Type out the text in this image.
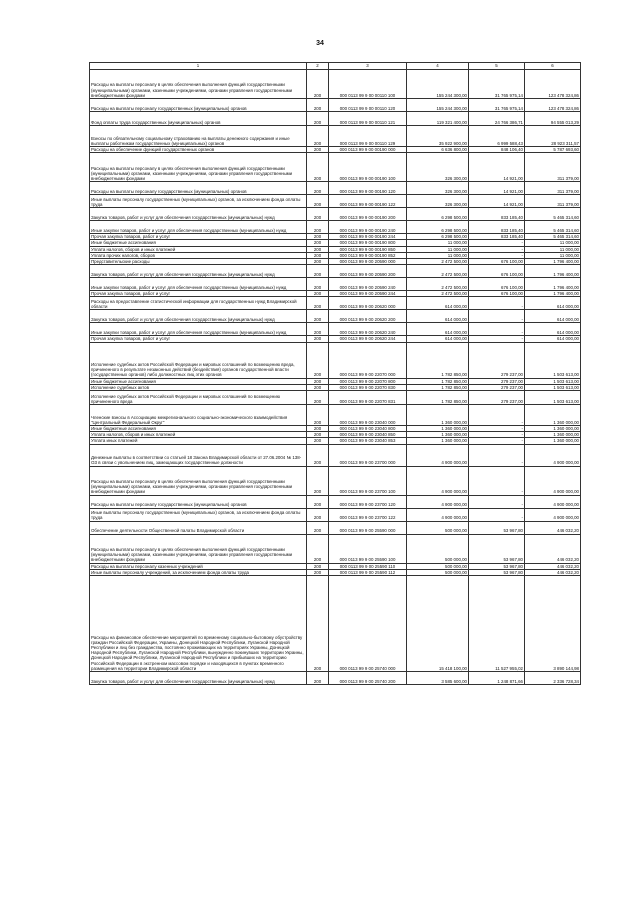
34
1	2	3	4	5	6
Расходы на выплаты персоналу в целях обеспечения выполнения функций государственными (муниципальными) органами, казенными учреждениями, органами управления государственными внебюджетными фондами	200	000 0113 99 9 00 00110 100	155 244 300,00	31 765 975,14	123 478 324,86
Расходы на выплаты персоналу государственных (муниципальных) органов	200	000 0113 99 9 00 00110 120	155 244 300,00	31 765 975,14	123 478 324,86
Фонд оплаты труда государственных (муниципальных) органов	200	000 0113 99 9 00 00110 121	119 321 400,00	24 766 386,71	94 555 013,29
Взносы по обязательному социальному страхованию на выплаты денежного содержания и иные выплаты работникам государственных (муниципальных) органов	200	000 0113 99 9 00 00110 129	35 922 900,00	6 999 588,43	28 923 311,57
Расходы на обеспечение функций государственных органов	200	000 0113 99 9 00 00190 000	6 636 800,00	848 106,40	5 787 693,60
Расходы на выплаты персоналу в целях обеспечения выполнения функций государственными (муниципальными) органами, казенными учреждениями, органами управления государственными внебюджетными фондами	200	000 0113 99 9 00 00190 100	326 300,00	14 921,00	311 379,00
Расходы на выплаты персоналу государственных (муниципальных) органов	200	000 0113 99 9 00 00190 120	326 300,00	14 921,00	311 379,00
Иные выплаты персоналу государственных (муниципальных) органов, за исключением фонда оплаты труда	200	000 0113 99 9 00 00190 122	326 300,00	14 921,00	311 379,00
Закупка товаров, работ и услуг для обеспечения государственных (муниципальных) нужд	200	000 0113 99 9 00 00190 200	6 298 500,00	833 185,40	5 465 314,60
Иные закупки товаров, работ и услуг для обеспечения государственных (муниципальных) нужд	200	000 0113 99 9 00 00190 240	6 298 500,00	833 185,40	5 465 314,60
Прочая закупка товаров, работ и услуг	200	000 0113 99 9 00 00190 244	6 298 500,00	833 185,40	5 465 314,60
Иные бюджетные ассигнования	200	000 0113 99 9 00 00190 800	11 000,00	-	11 000,00
Уплата налогов, сборов и иных платежей	200	000 0113 99 9 00 00190 850	11 000,00	-	11 000,00
Уплата прочих налогов, сборов	200	000 0113 99 9 00 00190 852	11 000,00	-	11 000,00
Представительские расходы	200	000 0113 99 9 00 20590 000	2 472 500,00	676 100,00	1 796 400,00
Закупка товаров, работ и услуг для обеспечения государственных (муниципальных) нужд	200	000 0113 99 9 00 20590 200	2 472 500,00	676 100,00	1 796 400,00
Иные закупки товаров, работ и услуг для обеспечения государственных (муниципальных) нужд	200	000 0113 99 9 00 20590 240	2 472 500,00	676 100,00	1 796 400,00
Прочая закупка товаров, работ и услуг	200	000 0113 99 9 00 20590 244	2 472 500,00	676 100,00	1 796 400,00
Расходы на предоставление статистической информации для государственных нужд Владимирской области	200	000 0113 99 9 00 20620 000	614 000,00	-	614 000,00
Закупка товаров, работ и услуг для обеспечения государственных (муниципальных) нужд	200	000 0113 99 9 00 20620 200	614 000,00	-	614 000,00
Иные закупки товаров, работ и услуг для обеспечения государственных (муниципальных) нужд	200	000 0113 99 9 00 20620 240	614 000,00	-	614 000,00
Прочая закупка товаров, работ и услуг	200	000 0113 99 9 00 20620 244	614 000,00	-	614 000,00
Исполнение судебных актов Российской Федерации и мировых соглашений по возмещению вреда, причиненного в результате незаконных действий (бездействия) органов государственной власти (государственных органов) либо должностных лиц этих органов	200	000 0113 99 9 00 22070 000	1 782 850,00	279 237,00	1 503 613,00
Иные бюджетные ассигнования	200	000 0113 99 9 00 22070 800	1 782 850,00	279 237,00	1 503 613,00
Исполнение судебных актов	200	000 0113 99 9 00 22070 830	1 782 850,00	279 237,00	1 503 613,00
Исполнение судебных актов Российской Федерации и мировых соглашений по возмещению причиненного вреда	200	000 0113 99 9 00 22070 831	1 782 850,00	279 237,00	1 503 613,00
Членские взносы в Ассоциацию межрегионального социально-экономического взаимодействия "Центральный Федеральный Округ"	200	000 0113 99 9 00 23040 000	1 360 000,00	-	1 360 000,00
Иные бюджетные ассигнования	200	000 0113 99 9 00 23040 800	1 360 000,00	-	1 360 000,00
Уплата налогов, сборов и иных платежей	200	000 0113 99 9 00 23040 850	1 360 000,00	-	1 360 000,00
Уплата иных платежей	200	000 0113 99 9 00 23040 853	1 360 000,00	-	1 360 000,00
Денежные выплаты в соответствии со статьей 18 Закона Владимирской области от 27.06.2004 № 138-ОЗ в связи с увольнением лиц, замещающих государственные должности	200	000 0113 99 9 00 23700 000	4 900 000,00	-	4 900 000,00
Расходы на выплаты персоналу в целях обеспечения выполнения функций государственными (муниципальными) органами, казенными учреждениями, органами управления государственными внебюджетными фондами	200	000 0113 99 9 00 23700 100	4 900 000,00	-	4 900 000,00
Расходы на выплаты персоналу государственных (муниципальных) органов	200	000 0113 99 9 00 23700 120	4 900 000,00	-	4 900 000,00
Иные выплаты персоналу государственных (муниципальных) органов, за исключением фонда оплаты труда	200	000 0113 99 9 00 23700 122	4 900 000,00	-	4 900 000,00
Обеспечение деятельности Общественной палаты Владимирской области	200	000 0113 99 9 00 25590 000	500 000,00	53 967,80	446 032,20
Расходы на выплаты персоналу в целях обеспечения выполнения функций государственными (муниципальными) органами, казенными учреждениями, органами управления государственными внебюджетными фондами	200	000 0113 99 9 00 25590 100	500 000,00	53 967,80	446 032,20
Расходы на выплаты персоналу казенных учреждений	200	000 0113 99 9 00 25590 110	500 000,00	53 967,80	446 032,20
Иные выплаты персоналу учреждений, за исключением фонда оплаты труда	200	000 0113 99 9 00 25590 112	500 000,00	53 967,80	446 032,20
Расходы на финансовое обеспечение мероприятий по временному социально-бытовому обустройству граждан Российской Федерации, Украины, Донецкой Народной Республики, Луганской Народной Республики и лиц без гражданства, постоянно проживающих на территориях Украины, Донецкой Народной Республики, Луганской Народной Республики, вынужденно покинувших территории Украины, Донецкой Народной Республики, Луганской Народной Республики и прибывших на территорию Российской Федерации в экстренном массовом порядке и находящихся в пунктах временного размещения на территории Владимирской области	200	000 0113 99 9 00 25740 000	15 418 100,00	11 527 955,02	3 890 144,98
Закупка товаров, работ и услуг для обеспечения государственных (муниципальных) нужд	200	000 0113 99 9 00 25740 200	3 585 600,00	1 248 871,66	2 336 728,34
